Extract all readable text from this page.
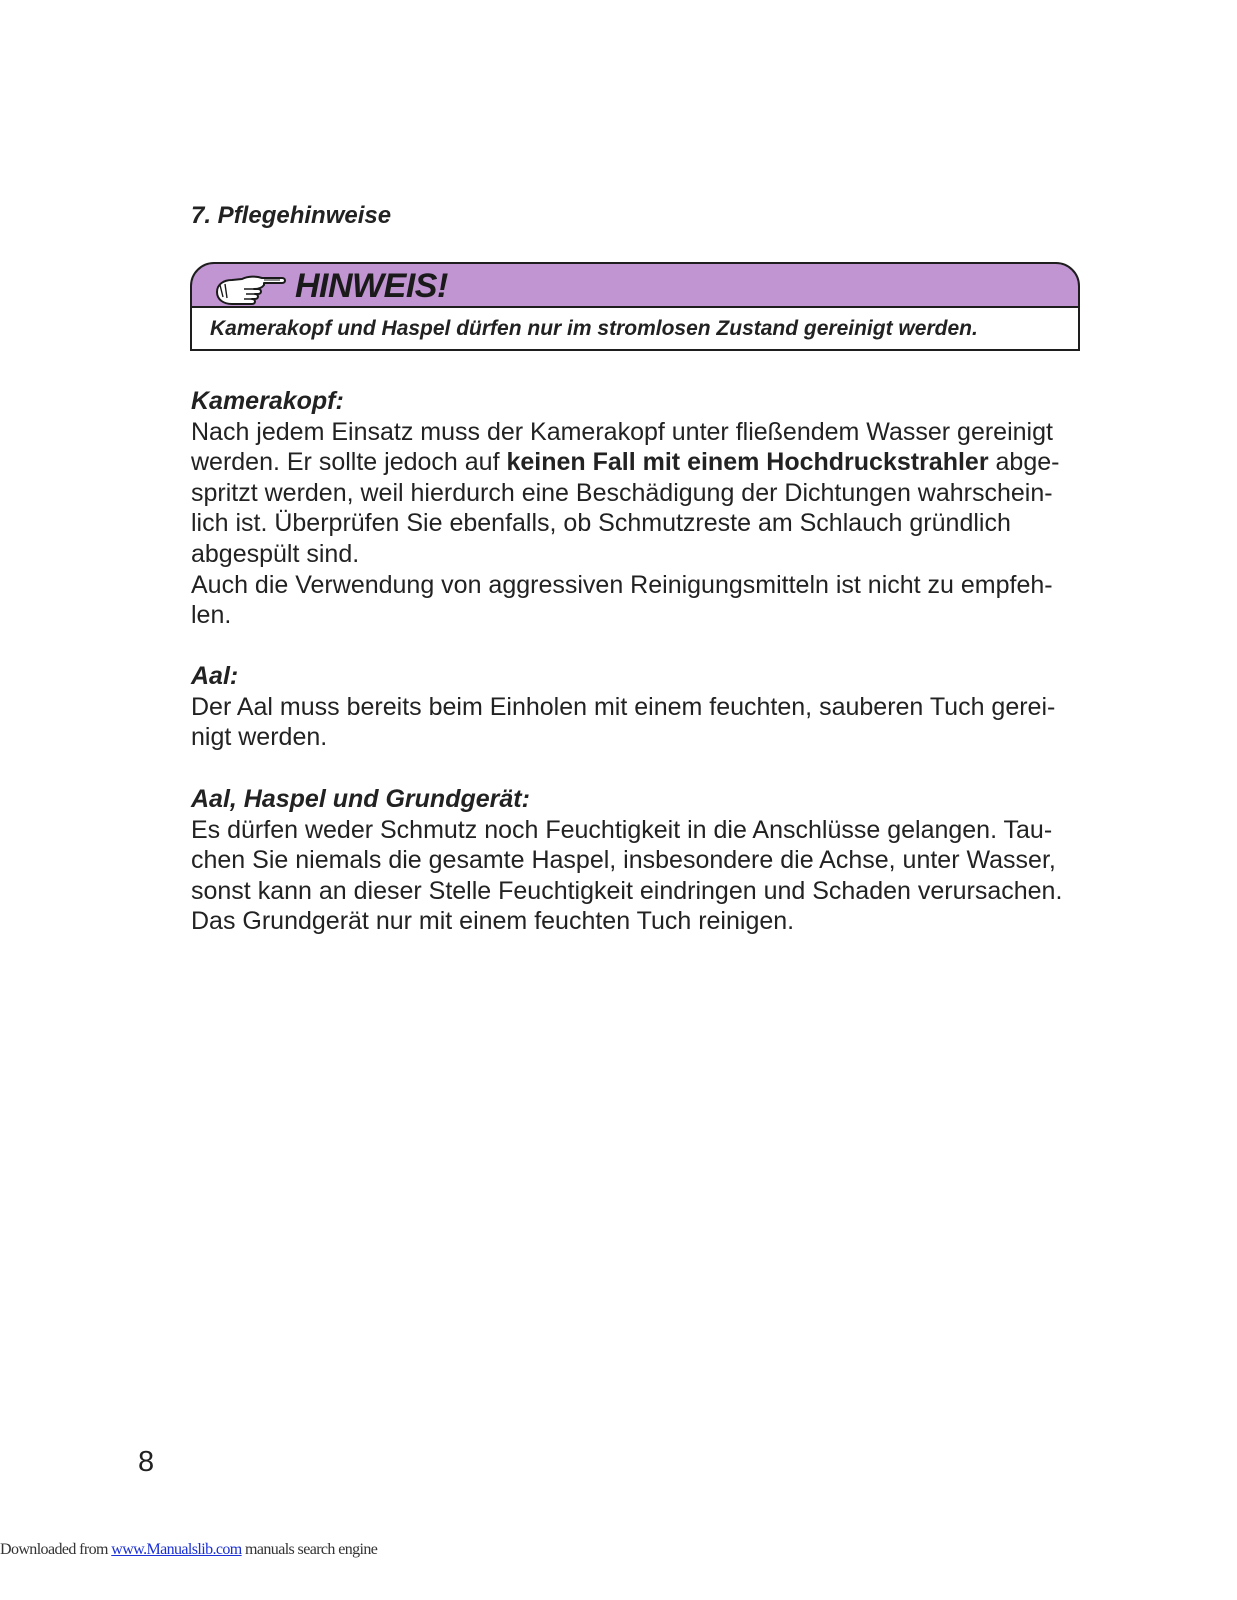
7. Pflegehinweise
HINWEIS!
Kamerakopf und Haspel dürfen nur im stromlosen Zustand gereinigt werden.
Kamerakopf:
Nach jedem Einsatz muss der Kamerakopf unter fließendem Wasser gereinigt
werden. Er sollte jedoch auf keinen Fall mit einem Hochdruckstrahler abge-
spritzt werden, weil hierdurch eine Beschädigung der Dichtungen wahrschein-
lich ist. Überprüfen Sie ebenfalls, ob Schmutzreste am Schlauch gründlich
abgespült sind.
Auch die Verwendung von aggressiven Reinigungsmitteln ist nicht zu empfeh-
len.
Aal:
Der Aal muss bereits beim Einholen mit einem feuchten, sauberen Tuch gerei-
nigt werden.
Aal, Haspel und Grundgerät:
Es dürfen weder Schmutz noch Feuchtigkeit in die Anschlüsse gelangen. Tau-
chen Sie niemals die gesamte Haspel, insbesondere die Achse, unter Wasser,
sonst kann an dieser Stelle Feuchtigkeit eindringen und Schaden verursachen.
Das Grundgerät nur mit einem feuchten Tuch reinigen.
8
Downloaded from www.Manualslib.com manuals search engine
